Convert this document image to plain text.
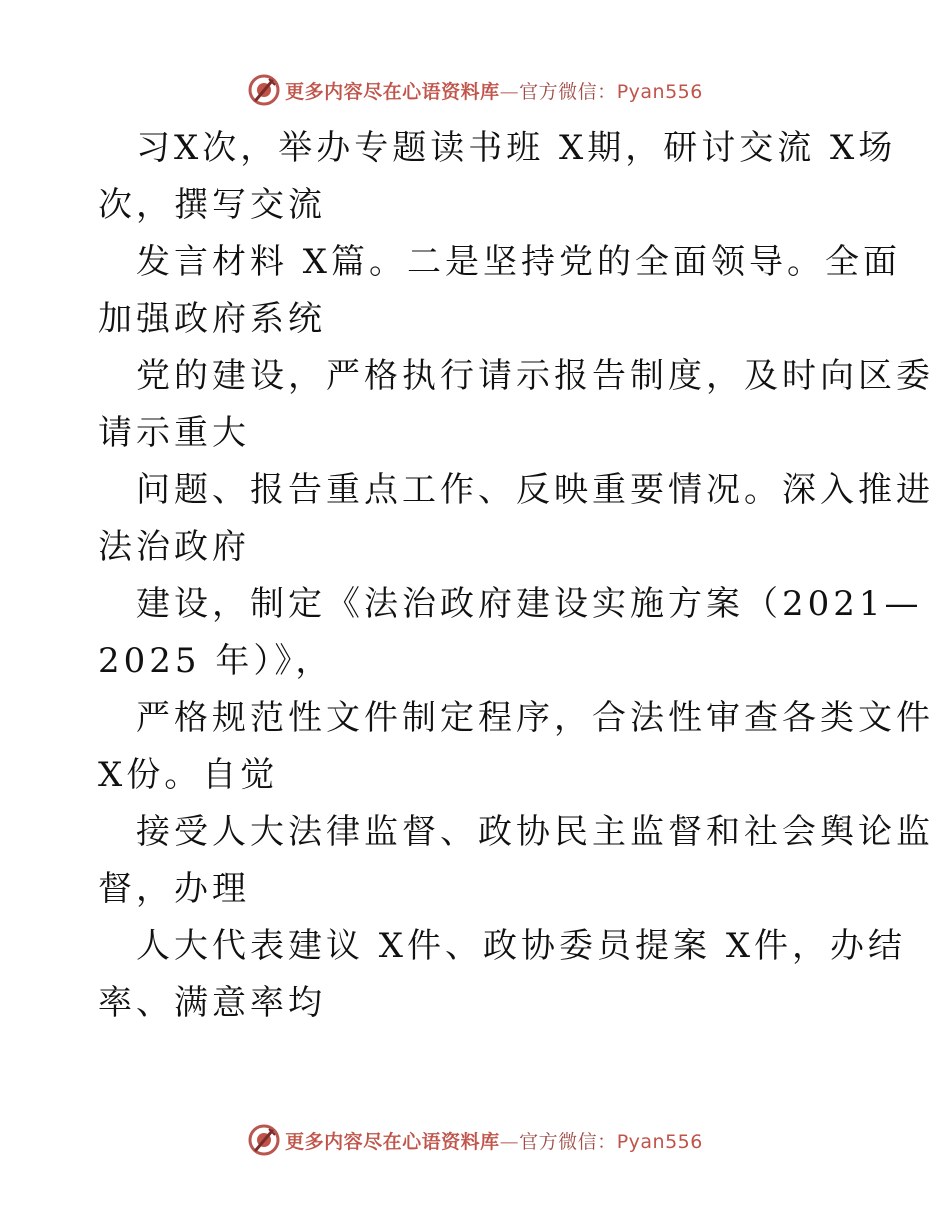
更多内容尽在心语资料库—官方微信：Pyan556
习X次，举办专题读书班 X期，研讨交流 X场
次，撰写交流
发言材料 X篇。二是坚持党的全面领导。全面
加强政府系统
党的建设，严格执行请示报告制度，及时向区委
请示重大
问题、报告重点工作、反映重要情况。深入推进
法治政府
建设，制定《法治政府建设实施方案（2021—
2025 年）》，
严格规范性文件制定程序，合法性审查各类文件
X份。自觉
接受人大法律监督、政协民主监督和社会舆论监
督，办理
人大代表建议 X件、政协委员提案 X件，办结
率、满意率均
更多内容尽在心语资料库—官方微信：Pyan556
